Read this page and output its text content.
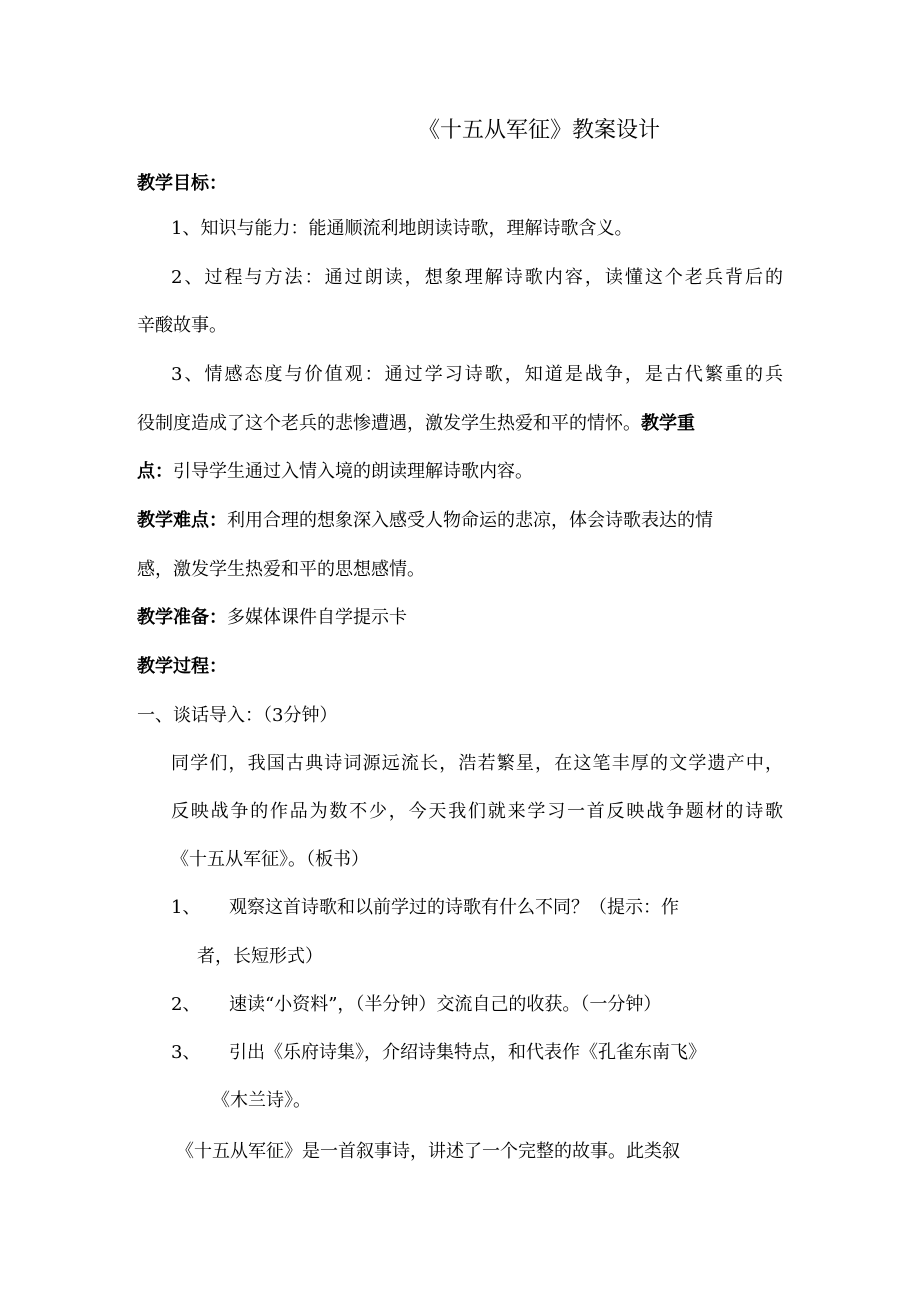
《十五从军征》教案设计
教学目标：
1、知识与能力：能通顺流利地朗读诗歌，理解诗歌含义。
2、过程与方法：通过朗读，想象理解诗歌内容，读懂这个老兵背后的
辛酸故事。
3、情感态度与价值观：通过学习诗歌，知道是战争，是古代繁重的兵
役制度造成了这个老兵的悲惨遭遇，激发学生热爱和平的情怀。教学重
点：引导学生通过入情入境的朗读理解诗歌内容。
教学难点：利用合理的想象深入感受人物命运的悲凉，体会诗歌表达的情
感，激发学生热爱和平的思想感情。
教学准备：多媒体课件自学提示卡
教学过程：
一、谈话导入：（3分钟）
同学们，我国古典诗词源远流长，浩若繁星，在这笔丰厚的文学遗产中，
反映战争的作品为数不少，今天我们就来学习一首反映战争题材的诗歌
《十五从军征》。（板书）
1、 观察这首诗歌和以前学过的诗歌有什么不同？（提示：作
者，长短形式）
2、 速读“小资料”，（半分钟）交流自己的收获。（一分钟）
3、 引出《乐府诗集》，介绍诗集特点，和代表作《孔雀东南飞》
《木兰诗》。
《十五从军征》是一首叙事诗，讲述了一个完整的故事。此类叙
